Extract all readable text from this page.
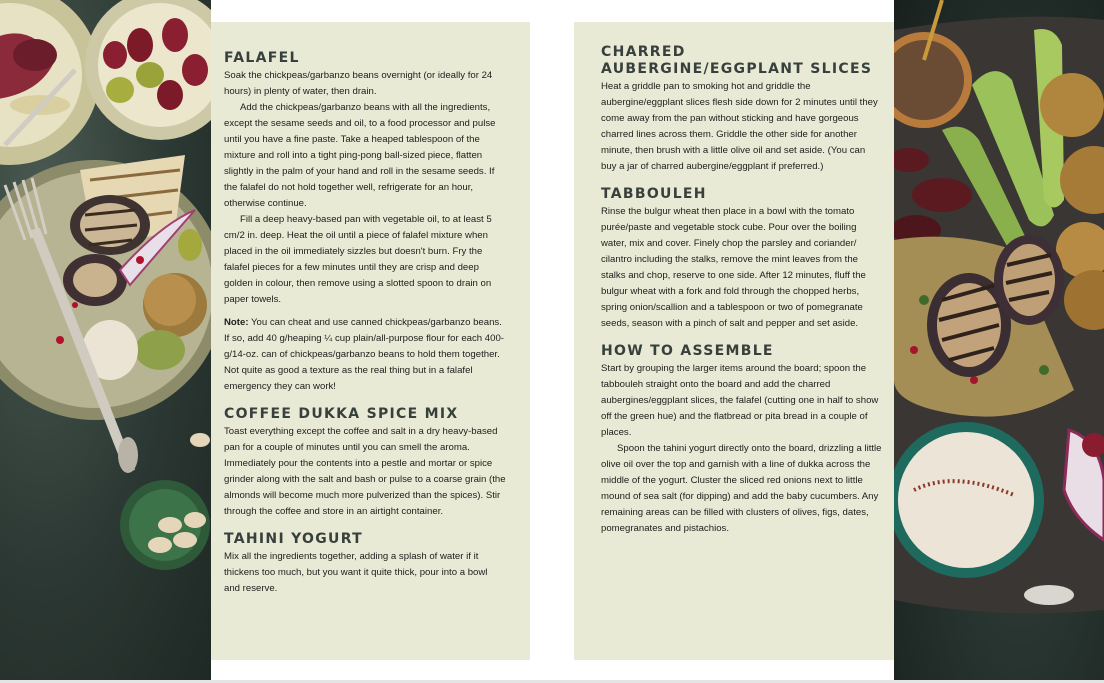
FALAFEL

Soak the chickpeas/garbanzo beans overnight (or ideally for 24 hours) in plenty of water, then drain.

Add the chickpeas/garbanzo beans with all the ingredients, except the sesame seeds and oil, to a food processor and pulse until you have a fine paste. Take a heaped tablespoon of the mixture and roll into a tight ping-pong ball-sized piece, flatten slightly in the palm of your hand and roll in the sesame seeds. If the falafel do not hold together well, refrigerate for an hour, otherwise continue.

Fill a deep heavy-based pan with vegetable oil, to at least 5 cm/2 in. deep. Heat the oil until a piece of falafel mixture when placed in the oil immediately sizzles but doesn't burn. Fry the falafel pieces for a few minutes until they are crisp and deep golden in colour, then remove using a slotted spoon to drain on paper towels.

Note: You can cheat and use canned chickpeas/garbanzo beans. If so, add 40 g/heaping ¼ cup plain/all-purpose flour for each 400-g/14-oz. can of chickpeas/garbanzo beans to hold them together. Not quite as good a texture as the real thing but in a falafel emergency they can work!

COFFEE DUKKA SPICE MIX

Toast everything except the coffee and salt in a dry heavy-based pan for a couple of minutes until you can smell the aroma. Immediately pour the contents into a pestle and mortar or spice grinder along with the salt and bash or pulse to a coarse grain (the almonds will become much more pulverized than the spices). Stir through the coffee and store in an airtight container.

TAHINI YOGURT

Mix all the ingredients together, adding a splash of water if it thickens too much, but you want it quite thick, pour into a bowl and reserve.

CHARRED AUBERGINE/EGGPLANT SLICES

Heat a griddle pan to smoking hot and griddle the aubergine/eggplant slices flesh side down for 2 minutes until they come away from the pan without sticking and have gorgeous charred lines across them. Griddle the other side for another minute, then brush with a little olive oil and set aside. (You can buy a jar of charred aubergine/eggplant if preferred.)

TABBOULEH

Rinse the bulgur wheat then place in a bowl with the tomato purée/paste and vegetable stock cube. Pour over the boiling water, mix and cover. Finely chop the parsley and coriander/ cilantro including the stalks, remove the mint leaves from the stalks and chop, reserve to one side. After 12 minutes, fluff the bulgur wheat with a fork and fold through the chopped herbs, spring onion/scallion and a tablespoon or two of pomegranate seeds, season with a pinch of salt and pepper and set aside.

HOW TO ASSEMBLE

Start by grouping the larger items around the board; spoon the tabbouleh straight onto the board and add the charred aubergines/eggplant slices, the falafel (cutting one in half to show off the green hue) and the flatbread or pita bread in a couple of places.

Spoon the tahini yogurt directly onto the board, drizzling a little olive oil over the top and garnish with a line of dukka across the middle of the yogurt. Cluster the sliced red onions next to little mound of sea salt (for dipping) and add the baby cucumbers. Any remaining areas can be filled with clusters of olives, figs, dates, pomegranates and pistachios.
